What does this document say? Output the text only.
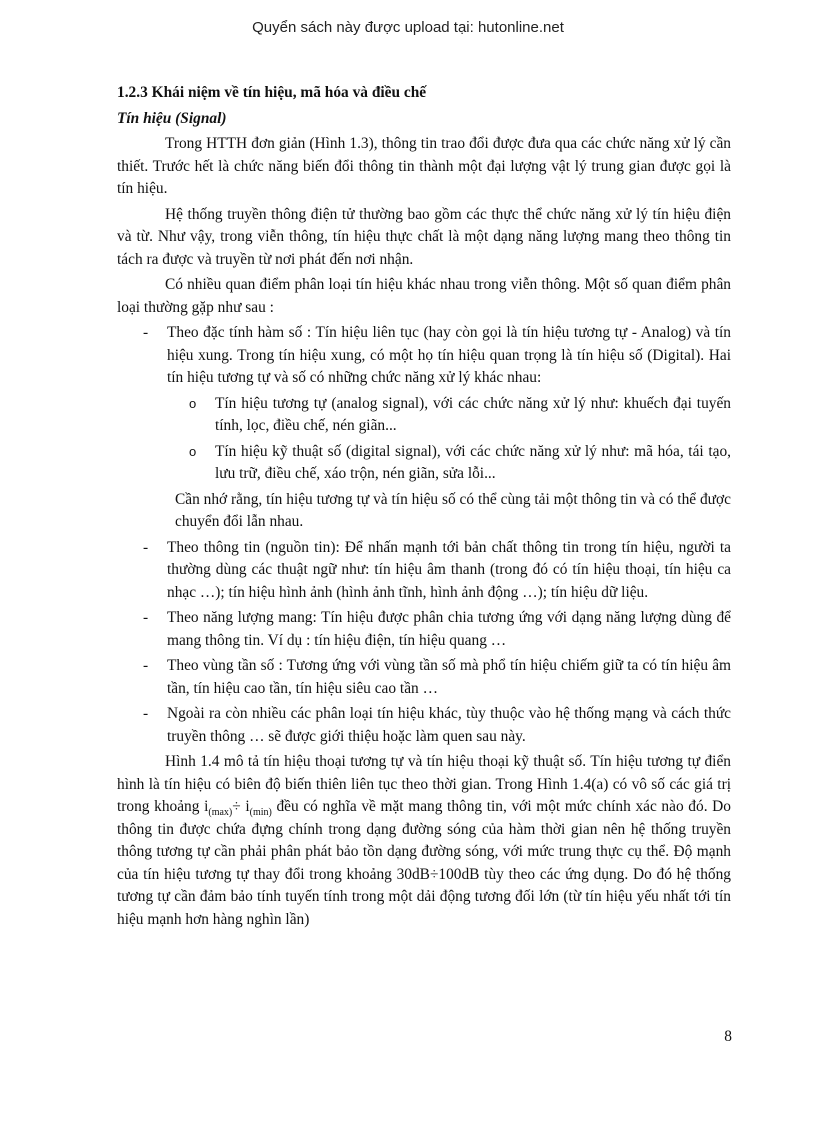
Quyển sách này được upload tại: hutonline.net
1.2.3 Khái niệm về tín hiệu, mã hóa và điều chế
Tín hiệu (Signal)

Trong HTTH đơn giản (Hình 1.3), thông tin trao đổi được đưa qua các chức năng xử lý cần thiết. Trước hết là chức năng biến đổi thông tin thành một đại lượng vật lý trung gian được gọi là tín hiệu.

Hệ thống truyền thông điện tử thường bao gồm các thực thể chức năng xử lý tín hiệu điện và từ. Như vậy, trong viễn thông, tín hiệu thực chất là một dạng năng lượng mang theo thông tin tách ra được và truyền từ nơi phát đến nơi nhận.

Có nhiều quan điểm phân loại tín hiệu khác nhau trong viễn thông. Một số quan điểm phân loại thường gặp như sau :

- Theo đặc tính hàm số : Tín hiệu liên tục (hay còn gọi là tín hiệu tương tự - Analog) và tín hiệu xung. Trong tín hiệu xung, có một họ tín hiệu quan trọng là tín hiệu số (Digital). Hai tín hiệu tương tự và số có những chức năng xử lý khác nhau:
o Tín hiệu tương tự (analog signal), với các chức năng xử lý như: khuếch đại tuyến tính, lọc, điều chế, nén giãn...
o Tín hiệu kỹ thuật số (digital signal), với các chức năng xử lý như: mã hóa, tái tạo, lưu trữ, điều chế, xáo trộn, nén giãn, sửa lỗi...

Cần nhớ rằng, tín hiệu tương tự và tín hiệu số có thể cùng tải một thông tin và có thể được chuyển đổi lẫn nhau.

- Theo thông tin (nguồn tin): Để nhấn mạnh tới bản chất thông tin trong tín hiệu, người ta thường dùng các thuật ngữ như: tín hiệu âm thanh (trong đó có tín hiệu thoại, tín hiệu ca nhạc …); tín hiệu hình ảnh (hình ảnh tĩnh, hình ảnh động …); tín hiệu dữ liệu.
- Theo năng lượng mang: Tín hiệu được phân chia tương ứng với dạng năng lượng dùng để mang thông tin. Ví dụ : tín hiệu điện, tín hiệu quang …
- Theo vùng tần số : Tương ứng với vùng tần số mà phổ tín hiệu chiếm giữ ta có tín hiệu âm tần, tín hiệu cao tần, tín hiệu siêu cao tần …
- Ngoài ra còn nhiều các phân loại tín hiệu khác, tùy thuộc vào hệ thống mạng và cách thức truyền thông … sẽ được giới thiệu hoặc làm quen sau này.

Hình 1.4 mô tả tín hiệu thoại tương tự và tín hiệu thoại kỹ thuật số. Tín hiệu tương tự điển hình là tín hiệu có biên độ biến thiên liên tục theo thời gian. Trong Hình 1.4(a) có vô số các giá trị trong khoảng $i_{(max)}\div i_{(min)}$ đều có nghĩa về mặt mang thông tin, với một mức chính xác nào đó. Do thông tin được chứa đựng chính trong dạng đường sóng của hàm thời gian nên hệ thống truyền thông tương tự cần phải phân phát bảo tồn dạng đường sóng, với mức trung thực cụ thể. Độ mạnh của tín hiệu tương tự thay đổi trong khoảng 30dB÷100dB tùy theo các ứng dụng. Do đó hệ thống tương tự cần đảm bảo tính tuyến tính trong một dải động tương đối lớn (từ tín hiệu yếu nhất tới tín hiệu mạnh hơn hàng nghìn lần)

8
